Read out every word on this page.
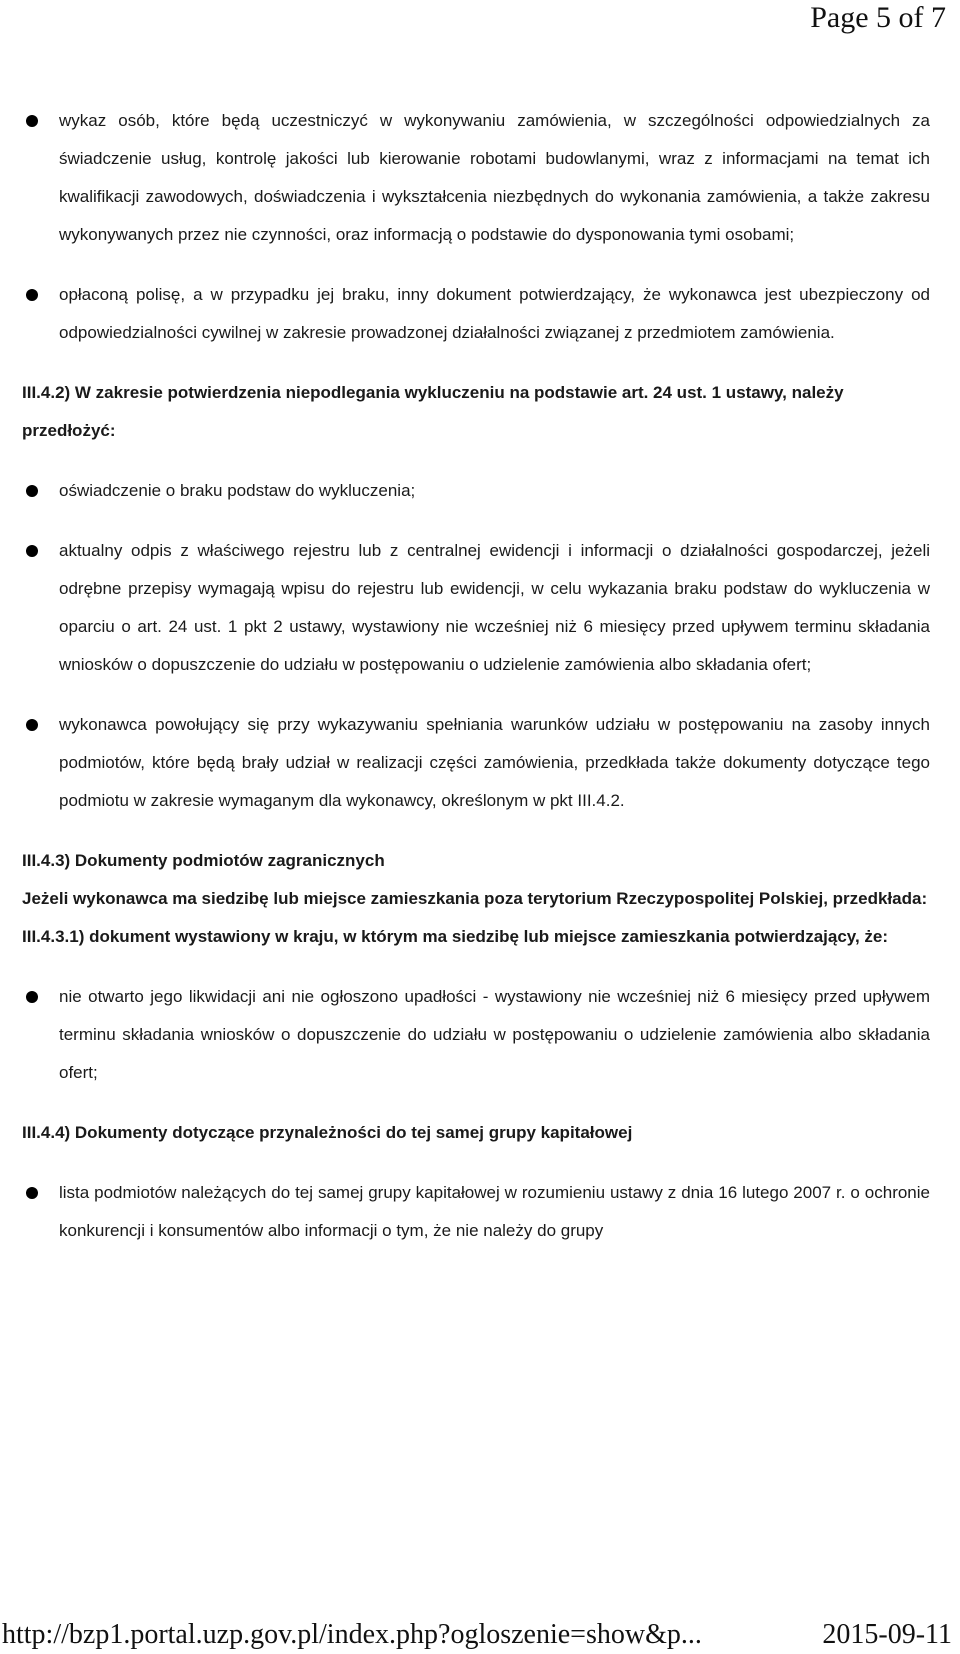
Page 5 of 7
wykaz osób, które będą uczestniczyć w wykonywaniu zamówienia, w szczególności odpowiedzialnych za świadczenie usług, kontrolę jakości lub kierowanie robotami budowlanymi, wraz z informacjami na temat ich kwalifikacji zawodowych, doświadczenia i wykształcenia niezbędnych do wykonania zamówienia, a także zakresu wykonywanych przez nie czynności, oraz informacją o podstawie do dysponowania tymi osobami;
opłaconą polisę, a w przypadku jej braku, inny dokument potwierdzający, że wykonawca jest ubezpieczony od odpowiedzialności cywilnej w zakresie prowadzonej działalności związanej z przedmiotem zamówienia.

III.4.2) W zakresie potwierdzenia niepodlegania wykluczeniu na podstawie art. 24 ust. 1 ustawy, należy przedłożyć:

oświadczenie o braku podstaw do wykluczenia;
aktualny odpis z właściwego rejestru lub z centralnej ewidencji i informacji o działalności gospodarczej, jeżeli odrębne przepisy wymagają wpisu do rejestru lub ewidencji, w celu wykazania braku podstaw do wykluczenia w oparciu o art. 24 ust. 1 pkt 2 ustawy, wystawiony nie wcześniej niż 6 miesięcy przed upływem terminu składania wniosków o dopuszczenie do udziału w postępowaniu o udzielenie zamówienia albo składania ofert;
wykonawca powołujący się przy wykazywaniu spełniania warunków udziału w postępowaniu na zasoby innych podmiotów, które będą brały udział w realizacji części zamówienia, przedkłada także dokumenty dotyczące tego podmiotu w zakresie wymaganym dla wykonawcy, określonym w pkt III.4.2.

III.4.3) Dokumenty podmiotów zagranicznych

Jeżeli wykonawca ma siedzibę lub miejsce zamieszkania poza terytorium Rzeczypospolitej Polskiej, przedkłada:

III.4.3.1) dokument wystawiony w kraju, w którym ma siedzibę lub miejsce zamieszkania potwierdzający, że:

nie otwarto jego likwidacji ani nie ogłoszono upadłości - wystawiony nie wcześniej niż 6 miesięcy przed upływem terminu składania wniosków o dopuszczenie do udziału w postępowaniu o udzielenie zamówienia albo składania ofert;

III.4.4) Dokumenty dotyczące przynależności do tej samej grupy kapitałowej

lista podmiotów należących do tej samej grupy kapitałowej w rozumieniu ustawy z dnia 16 lutego 2007 r. o ochronie konkurencji i konsumentów albo informacji o tym, że nie należy do grupy
http://bzp1.portal.uzp.gov.pl/index.php?ogloszenie=show&p...	2015-09-11
